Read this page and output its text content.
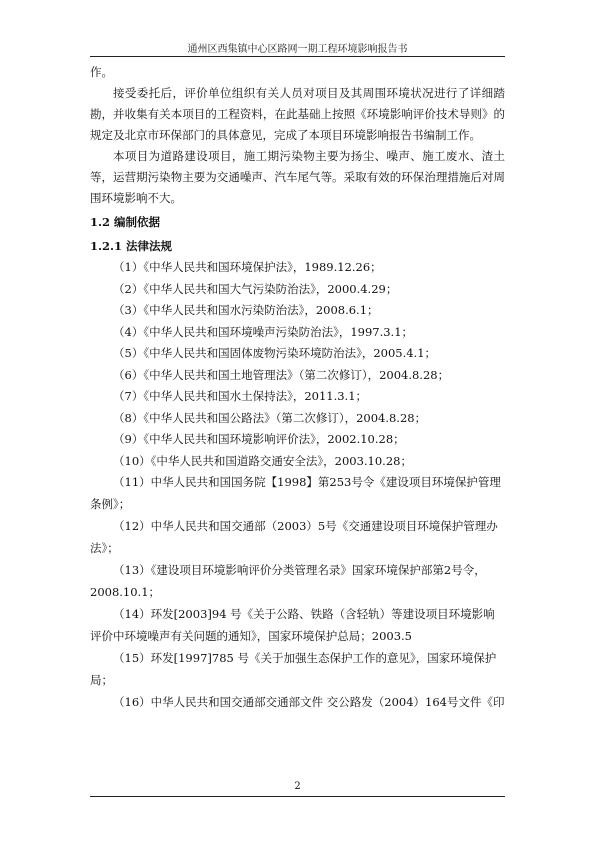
通州区西集镇中心区路网一期工程环境影响报告书

作。

接受委托后，评价单位组织有关人员对项目及其周围环境状况进行了详细踏勘，并收集有关本项目的工程资料，在此基础上按照《环境影响评价技术导则》的规定及北京市环保部门的具体意见，完成了本项目环境影响报告书编制工作。

本项目为道路建设项目，施工期污染物主要为扬尘、噪声、施工废水、渣土等，运营期污染物主要为交通噪声、汽车尾气等。采取有效的环保治理措施后对周围环境影响不大。

1.2 编制依据

1.2.1 法律法规

（1）《中华人民共和国环境保护法》，1989.12.26；

（2）《中华人民共和国大气污染防治法》，2000.4.29；

（3）《中华人民共和国水污染防治法》，2008.6.1；

（4）《中华人民共和国环境噪声污染防治法》，1997.3.1；

（5）《中华人民共和国固体废物污染环境防治法》，2005.4.1；

（6）《中华人民共和国土地管理法》（第二次修订），2004.8.28；

（7）《中华人民共和国水土保持法》，2011.3.1；

（8）《中华人民共和国公路法》（第二次修订），2004.8.28；

（9）《中华人民共和国环境影响评价法》，2002.10.28；

（10）《中华人民共和国道路交通安全法》，2003.10.28；

（11）中华人民共和国国务院【1998】第253号令《建设项目环境保护管理

条例》；

（12）中华人民共和国交通部（2003）5号《交通建设项目环境保护管理办

法》；

（13）《建设项目环境影响评价分类管理名录》国家环境保护部第2号令，

2008.10.1；

（14）环发[2003]94 号《关于公路、铁路（含轻轨）等建设项目环境影响

评价中环境噪声有关问题的通知》，国家环境保护总局；2003.5

（15）环发[1997]785 号《关于加强生态保护工作的意见》，国家环境保护

局；

（16）中华人民共和国交通部交通部文件 交公路发（2004）164号文件《印

2
